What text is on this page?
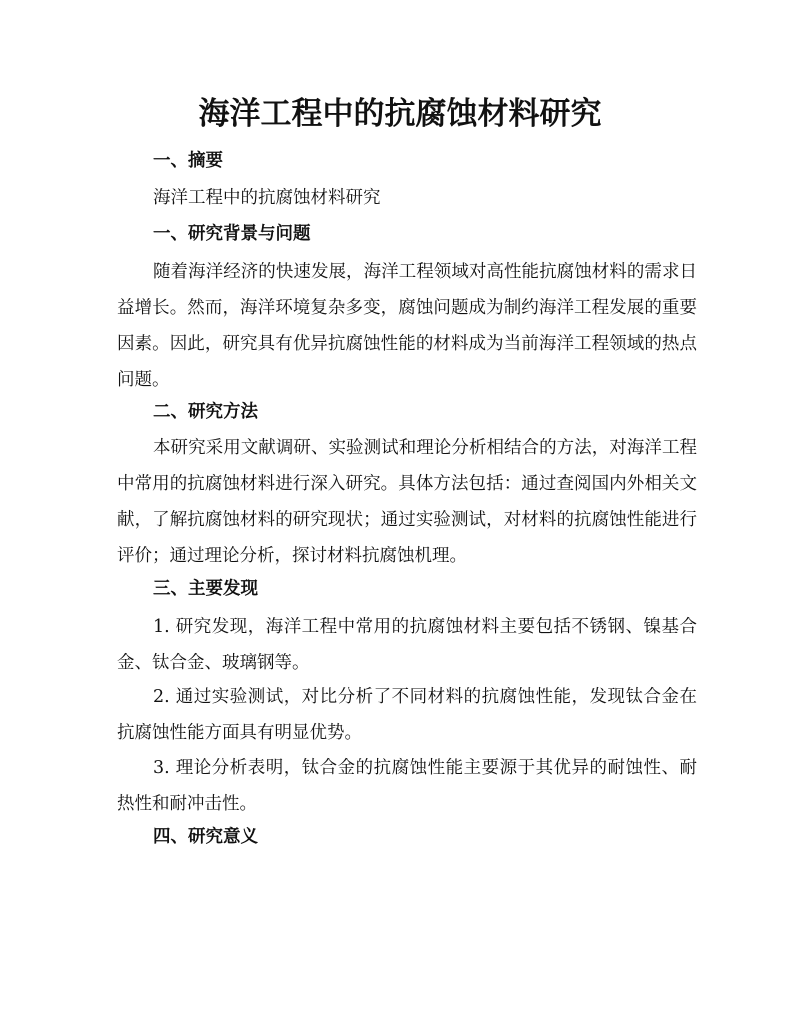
海洋工程中的抗腐蚀材料研究
一、摘要
海洋工程中的抗腐蚀材料研究
一、研究背景与问题
随着海洋经济的快速发展，海洋工程领域对高性能抗腐蚀材料的需求日益增长。然而，海洋环境复杂多变，腐蚀问题成为制约海洋工程发展的重要因素。因此，研究具有优异抗腐蚀性能的材料成为当前海洋工程领域的热点问题。
二、研究方法
本研究采用文献调研、实验测试和理论分析相结合的方法，对海洋工程中常用的抗腐蚀材料进行深入研究。具体方法包括：通过查阅国内外相关文献，了解抗腐蚀材料的研究现状；通过实验测试，对材料的抗腐蚀性能进行评价；通过理论分析，探讨材料抗腐蚀机理。
三、主要发现
1. 研究发现，海洋工程中常用的抗腐蚀材料主要包括不锈钢、镍基合金、钛合金、玻璃钢等。
2. 通过实验测试，对比分析了不同材料的抗腐蚀性能，发现钛合金在抗腐蚀性能方面具有明显优势。
3. 理论分析表明，钛合金的抗腐蚀性能主要源于其优异的耐蚀性、耐热性和耐冲击性。
四、研究意义
